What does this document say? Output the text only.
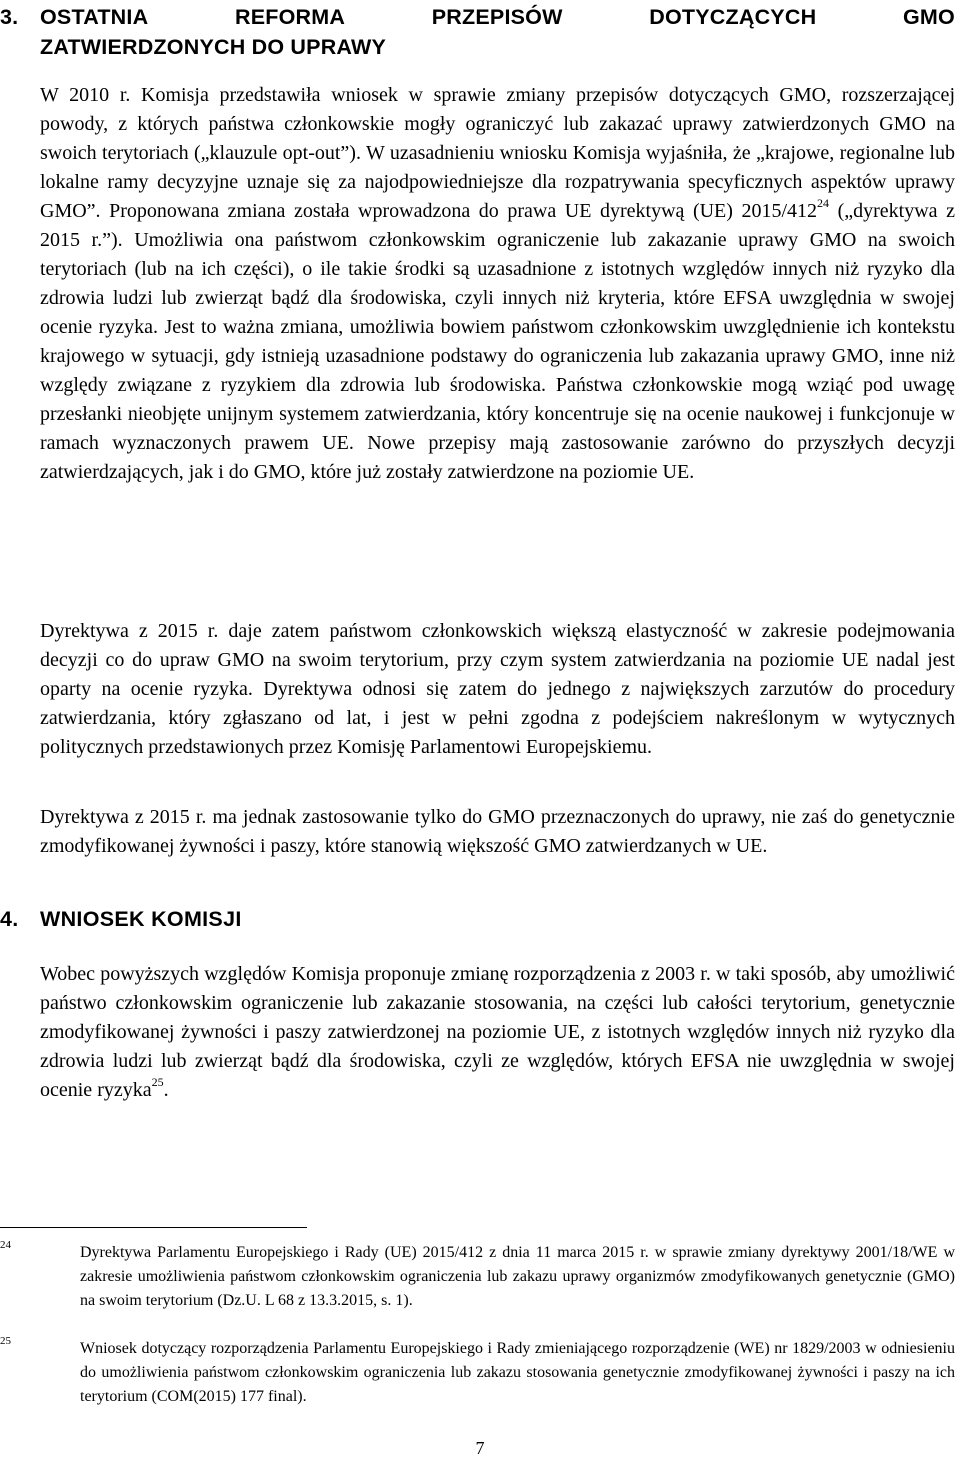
3. OSTATNIA	REFORMA	PRZEPISÓW	DOTYCZĄCYCH	GMO
ZATWIERDZONYCH DO UPRAWY

W 2010 r. Komisja przedstawiła wniosek w sprawie zmiany przepisów dotyczących GMO, rozszerzającej powody, z których państwa członkowskie mogły ograniczyć lub zakazać uprawy zatwierdzonych GMO na swoich terytoriach („klauzule opt-out”). W uzasadnieniu wniosku Komisja wyjaśniła, że „krajowe, regionalne lub lokalne ramy decyzyjne uznaje się za najodpowiedniejsze dla rozpatrywania specyficznych aspektów uprawy GMO”. Proponowana zmiana została wprowadzona do prawa UE dyrektywą (UE) $2015/412^{24}$ („dyrektywa z 2015 r.”). Umożliwia ona państwom członkowskim ograniczenie lub zakazanie uprawy GMO na swoich terytoriach (lub na ich części), o ile takie środki są uzasadnione z istotnych względów innych niż ryzyko dla zdrowia ludzi lub zwierząt bądź dla środowiska, czyli innych niż kryteria, które EFSA uwzględnia w swojej ocenie ryzyka. Jest to ważna zmiana, umożliwia bowiem państwom członkowskim uwzględnienie ich kontekstu krajowego w sytuacji, gdy istnieją uzasadnione podstawy do ograniczenia lub zakazania uprawy GMO, inne niż względy związane z ryzykiem dla zdrowia lub środowiska. Państwa członkowskie mogą wziąć pod uwagę przesłanki nieobjęte unijnym systemem zatwierdzania, który koncentruje się na ocenie naukowej i funkcjonuje w ramach wyznaczonych prawem UE. Nowe przepisy mają zastosowanie zarówno do przyszłych decyzji zatwierdzających, jak i do GMO, które już zostały zatwierdzone na poziomie UE.

Dyrektywa z 2015 r. daje zatem państwom członkowskich większą elastyczność w zakresie podejmowania decyzji co do upraw GMO na swoim terytorium, przy czym system zatwierdzania na poziomie UE nadal jest oparty na ocenie ryzyka. Dyrektywa odnosi się zatem do jednego z największych zarzutów do procedury zatwierdzania, który zgłaszano od lat, i jest w pełni zgodna z podejściem nakreślonym w wytycznych politycznych przedstawionych przez Komisję Parlamentowi Europejskiemu.

Dyrektywa z 2015 r. ma jednak zastosowanie tylko do GMO przeznaczonych do uprawy, nie zaś do genetycznie zmodyfikowanej żywności i paszy, które stanowią większość GMO zatwierdzanych w UE.

4. WNIOSEK KOMISJI

Wobec powyższych względów Komisja proponuje zmianę rozporządzenia z 2003 r. w taki sposób, aby umożliwić państwo członkowskim ograniczenie lub zakazanie stosowania, na części lub całości terytorium, genetycznie zmodyfikowanej żywności i paszy zatwierdzonej na poziomie UE, z istotnych względów innych niż ryzyko dla zdrowia ludzi lub zwierząt bądź dla środowiska, czyli ze względów, których EFSA nie uwzględnia w swojej ocenie ryzyka$^{25}$.

24	Dyrektywa Parlamentu Europejskiego i Rady (UE) 2015/412 z dnia 11 marca 2015 r. w sprawie zmiany dyrektywy 2001/18/WE w zakresie umożliwienia państwom członkowskim ograniczenia lub zakazu uprawy organizmów zmodyfikowanych genetycznie (GMO) na swoim terytorium (Dz.U. L 68 z 13.3.2015, s. 1).
25	Wniosek dotyczący rozporządzenia Parlamentu Europejskiego i Rady zmieniającego rozporządzenie (WE) nr 1829/2003 w odniesieniu do umożliwienia państwom członkowskim ograniczenia lub zakazu stosowania genetycznie zmodyfikowanej żywności i paszy na ich terytorium (COM(2015) 177 final).
7
